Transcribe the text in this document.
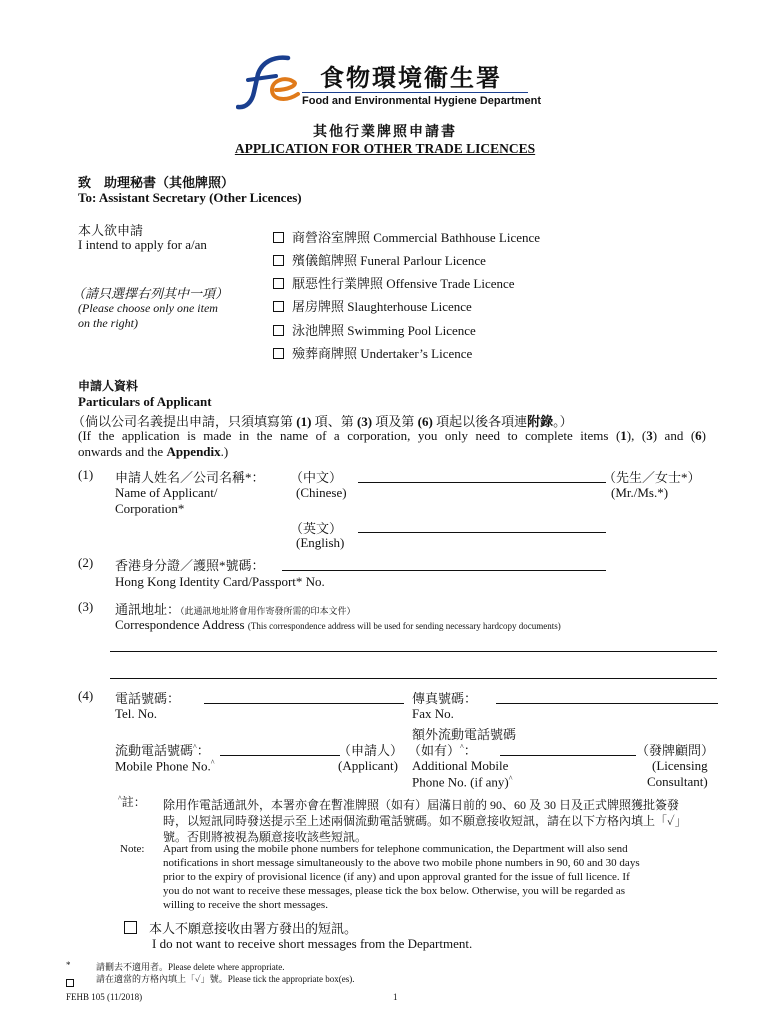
食物環境衞生署
Food and Environmental Hygiene Department
其他行業牌照申請書
APPLICATION FOR OTHER TRADE LICENCES
致　助理秘書（其他牌照）
To: Assistant Secretary (Other Licences)
本人欲申請
I intend to apply for a/an
（請只選擇右列其中一項）
(Please choose only one item
on the right)
商營浴室牌照 Commercial Bathhouse Licence
殯儀館牌照 Funeral Parlour Licence
厭惡性行業牌照 Offensive Trade Licence
屠房牌照 Slaughterhouse Licence
泳池牌照 Swimming Pool Licence
殮葬商牌照 Undertaker’s Licence
申請人資料
Particulars of Applicant
（倘以公司名義提出申請，只須填寫第 (1) 項、第 (3) 項及第 (6) 項起以後各項連附錄。）
(If the application is made in the name of a corporation, you only need to complete items (1), (3) and (6)
onwards and the Appendix.)
(1) 申請人姓名／公司名稱*：
Name of Applicant/
Corporation*
（中文）
(Chinese)
（先生／女士*）
(Mr./Ms.*)
（英文）
(English)
(2) 香港身分證／護照*號碼：
Hong Kong Identity Card/Passport* No.
(3) 通訊地址：（此通訊地址將會用作寄發所需的印本文件）
Correspondence Address (This correspondence address will be used for sending necessary hardcopy documents)
(4) 電話號碼：
Tel. No.
傳真號碼：
Fax No.
流動電話號碼^：
Mobile Phone No.^
（申請人）
(Applicant)
額外流動電話號碼
（如有）^：
Additional Mobile
Phone No. (if any)^
（發牌顧問）
(Licensing
Consultant)
^註： 除用作電話通訊外，本署亦會在暫准牌照（如有）屆滿日前的 90、60 及 30 日及正式牌照獲批簽發
時，以短訊同時發送提示至上述兩個流動電話號碼。如不願意接收短訊，請在以下方格內填上「✓」
號。否則將被視為願意接收該些短訊。
Note: Apart from using the mobile phone numbers for telephone communication, the Department will also send
notifications in short message simultaneously to the above two mobile phone numbers in 90, 60 and 30 days
prior to the expiry of provisional licence (if any) and upon approval granted for the issue of full licence. If
you do not want to receive these messages, please tick the box below. Otherwise, you will be regarded as
willing to receive the short messages.
本人不願意接收由署方發出的短訊。
I do not want to receive short messages from the Department.
*	請刪去不適用者。Please delete where appropriate.
請在適當的方格內填上「✓」號。Please tick the appropriate box(es).
FEHB 105 (11/2018)	1
